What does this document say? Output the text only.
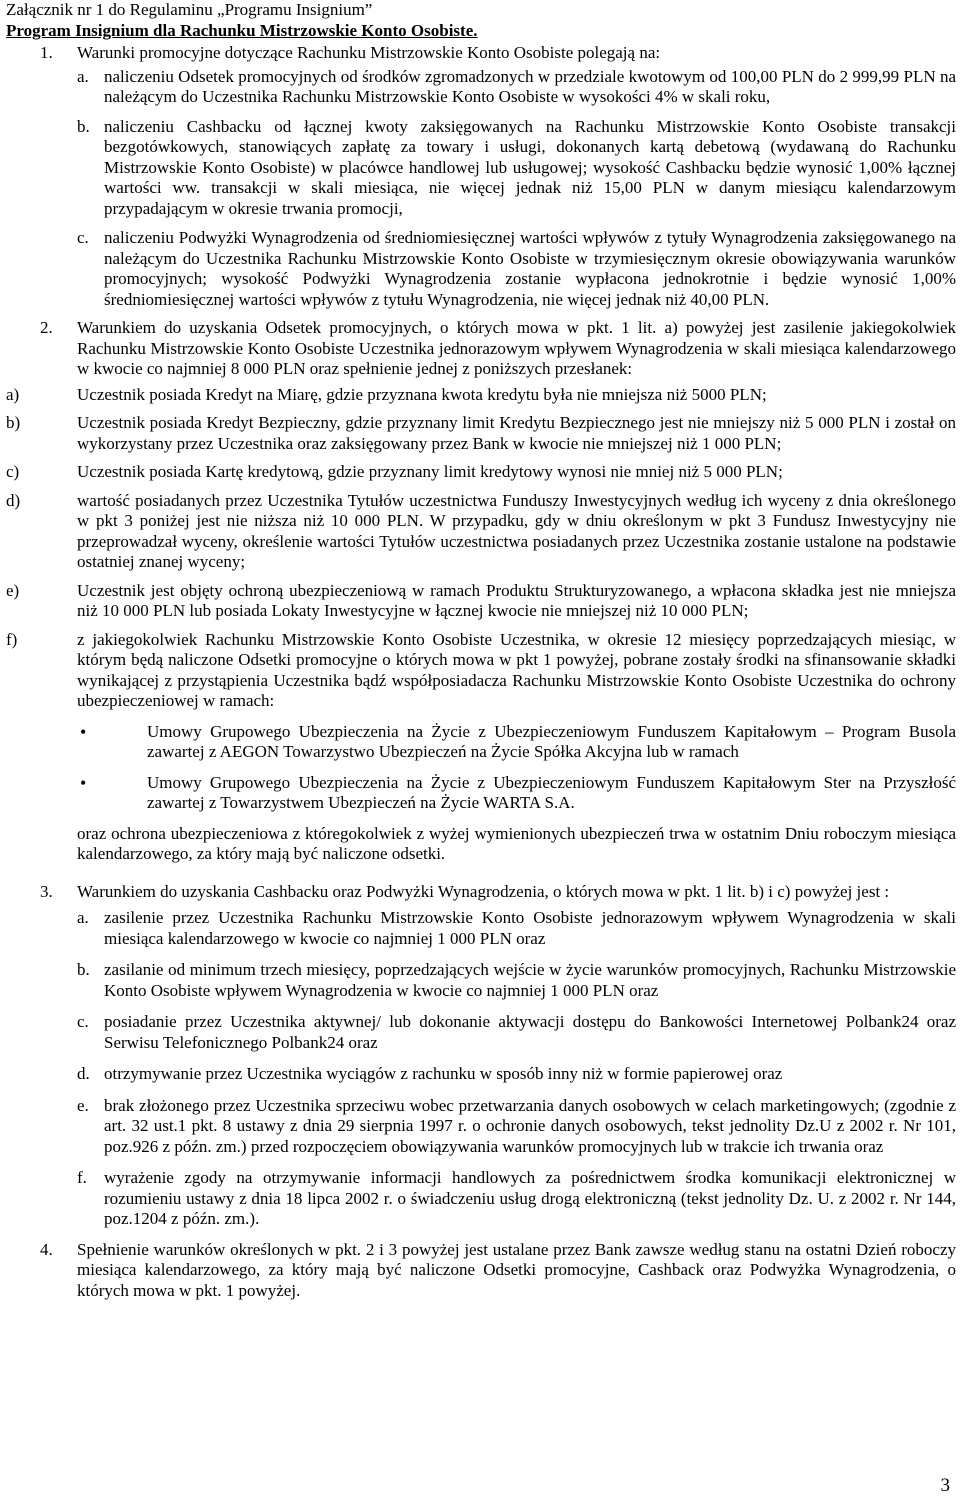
Załącznik nr 1 do Regulaminu „Programu Insignium”

Program Insignium dla Rachunku Mistrzowskie Konto Osobiste.

1.	Warunki promocyjne dotyczące Rachunku Mistrzowskie Konto Osobiste polegają na:
a. naliczeniu Odsetek promocyjnych od środków zgromadzonych w przedziale kwotowym od 100,00 PLN do 2 999,99 PLN na należącym do Uczestnika Rachunku Mistrzowskie Konto Osobiste w wysokości 4% w skali roku,
b. naliczeniu Cashbacku od łącznej kwoty zaksięgowanych na Rachunku Mistrzowskie Konto Osobiste transakcji bezgotówkowych, stanowiących zapłatę za towary i usługi, dokonanych kartą debetową (wydawaną do Rachunku Mistrzowskie Konto Osobiste) w placówce handlowej lub usługowej; wysokość Cashbacku będzie wynosić 1,00% łącznej wartości ww. transakcji w skali miesiąca, nie więcej jednak niż 15,00 PLN w danym miesiącu kalendarzowym przypadającym w okresie trwania promocji,
c. naliczeniu Podwyżki Wynagrodzenia od średniomiesięcznej wartości wpływów z tytuły Wynagrodzenia zaksięgowanego na należącym do Uczestnika Rachunku Mistrzowskie Konto Osobiste w trzymiesięcznym okresie obowiązywania warunków promocyjnych; wysokość Podwyżki Wynagrodzenia zostanie wypłacona jednokrotnie i będzie wynosić 1,00% średniomiesięcznej wartości wpływów z tytułu Wynagrodzenia, nie więcej jednak niż 40,00 PLN.
2.	Warunkiem do uzyskania Odsetek promocyjnych, o których mowa w pkt. 1 lit. a) powyżej jest zasilenie jakiegokolwiek Rachunku Mistrzowskie Konto Osobiste Uczestnika jednorazowym wpływem Wynagrodzenia w skali miesiąca kalendarzowego w kwocie co najmniej 8 000 PLN oraz spełnienie jednej z poniższych przesłanek:
a)	Uczestnik posiada Kredyt na Miarę, gdzie przyznana kwota kredytu była nie mniejsza niż 5000 PLN;
b)	Uczestnik posiada Kredyt Bezpieczny, gdzie przyznany limit Kredytu Bezpiecznego jest nie mniejszy niż 5 000 PLN i został on wykorzystany przez Uczestnika oraz zaksięgowany przez Bank w kwocie nie mniejszej niż 1 000 PLN;
c)	Uczestnik posiada Kartę kredytową, gdzie przyznany limit kredytowy wynosi nie mniej niż 5 000 PLN;
d)	wartość posiadanych przez Uczestnika Tytułów uczestnictwa Funduszy Inwestycyjnych według ich wyceny z dnia określonego w pkt 3 poniżej jest nie niższa niż 10 000 PLN. W przypadku, gdy w dniu określonym w pkt 3 Fundusz Inwestycyjny nie przeprowadzał wyceny, określenie wartości Tytułów uczestnictwa posiadanych przez Uczestnika zostanie ustalone na podstawie ostatniej znanej wyceny;
e)	Uczestnik jest objęty ochroną ubezpieczeniową w ramach Produktu Strukturyzowanego, a wpłacona składka jest nie mniejsza niż 10 000 PLN lub posiada Lokaty Inwestycyjne w łącznej kwocie nie mniejszej niż 10 000 PLN;
f)	z jakiegokolwiek Rachunku Mistrzowskie Konto Osobiste Uczestnika, w okresie 12 miesięcy poprzedzających miesiąc, w którym będą naliczone Odsetki promocyjne o których mowa w pkt 1 powyżej, pobrane zostały środki na sfinansowanie składki wynikającej z przystąpienia Uczestnika bądź współposiadacza Rachunku Mistrzowskie Konto Osobiste Uczestnika do ochrony ubezpieczeniowej w ramach:
•	Umowy Grupowego Ubezpieczenia na Życie z Ubezpieczeniowym Funduszem Kapitałowym – Program Busola zawartej z AEGON Towarzystwo Ubezpieczeń na Życie Spółka Akcyjna lub w ramach
•	Umowy Grupowego Ubezpieczenia na Życie z Ubezpieczeniowym Funduszem Kapitałowym Ster na Przyszłość zawartej z Towarzystwem Ubezpieczeń na Życie WARTA S.A.

oraz ochrona ubezpieczeniowa z któregokolwiek z wyżej wymienionych ubezpieczeń trwa w ostatnim Dniu roboczym miesiąca kalendarzowego, za który mają być naliczone odsetki.

3.	Warunkiem do uzyskania Cashbacku oraz Podwyżki Wynagrodzenia, o których mowa w pkt. 1 lit. b) i c) powyżej jest :
a. zasilenie przez Uczestnika Rachunku Mistrzowskie Konto Osobiste jednorazowym wpływem Wynagrodzenia w skali miesiąca kalendarzowego w kwocie co najmniej 1 000 PLN oraz
b. zasilanie od minimum trzech miesięcy, poprzedzających wejście w życie warunków promocyjnych, Rachunku Mistrzowskie Konto Osobiste wpływem Wynagrodzenia w kwocie co najmniej 1 000 PLN oraz
c. posiadanie przez Uczestnika aktywnej/ lub dokonanie aktywacji dostępu do Bankowości Internetowej Polbank24 oraz Serwisu Telefonicznego Polbank24 oraz
d. otrzymywanie przez Uczestnika wyciągów z rachunku w sposób inny niż w formie papierowej oraz
e. brak złożonego przez Uczestnika sprzeciwu wobec przetwarzania danych osobowych w celach marketingowych; (zgodnie z art. 32 ust.1 pkt. 8 ustawy z dnia 29 sierpnia 1997 r. o ochronie danych osobowych, tekst jednolity Dz.U z 2002 r. Nr 101, poz.926 z późn. zm.) przed rozpoczęciem obowiązywania warunków promocyjnych lub w trakcie ich trwania oraz
f.	wyrażenie zgody na otrzymywanie informacji handlowych za pośrednictwem środka komunikacji elektronicznej w rozumieniu ustawy z dnia 18 lipca 2002 r. o świadczeniu usług drogą elektroniczną (tekst jednolity Dz. U. z 2002 r. Nr 144, poz.1204 z późn. zm.).
4.	Spełnienie warunków określonych w pkt. 2 i 3 powyżej jest ustalane przez Bank zawsze według stanu na ostatni Dzień roboczy miesiąca kalendarzowego, za który mają być naliczone Odsetki promocyjne, Cashback oraz Podwyżka Wynagrodzenia, o których mowa w pkt. 1 powyżej.
3
